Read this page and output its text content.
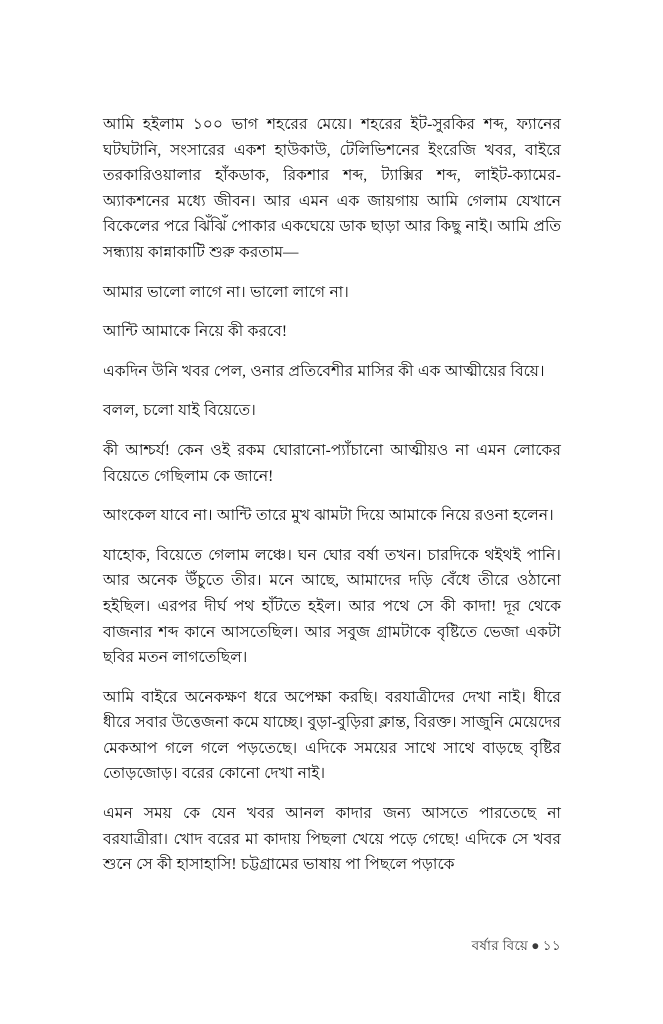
আমি হইলাম ১০০ ভাগ শহরের মেয়ে। শহরের ইট-সুরকির শব্দ, ফ্যানের ঘটঘটানি, সংসারের একশ হাউকাউ, টেলিভিশনের ইংরেজি খবর, বাইরে তরকারিওয়ালার হাঁকডাক, রিকশার শব্দ, ট্যাক্সির শব্দ, লাইট-ক্যামের-অ্যাকশনের মধ্যে জীবন। আর এমন এক জায়গায় আমি গেলাম যেখানে বিকেলের পরে ঝিঁঝিঁ পোকার একঘেয়ে ডাক ছাড়া আর কিছু নাই। আমি প্রতি সন্ধ্যায় কান্নাকাটি শুরু করতাম—

আমার ভালো লাগে না। ভালো লাগে না।

আন্টি আমাকে নিয়ে কী করবে!

একদিন উনি খবর পেল, ওনার প্রতিবেশীর মাসির কী এক আত্মীয়ের বিয়ে।

বলল, চলো যাই বিয়েতে।

কী আশ্চর্য! কেন ওই রকম ঘোরানো-প্যাঁচানো আত্মীয়ও না এমন লোকের বিয়েতে গেছিলাম কে জানে!

আংকেল যাবে না। আন্টি তারে মুখ ঝামটা দিয়ে আমাকে নিয়ে রওনা হলেন।

যাহোক, বিয়েতে গেলাম লঞ্চে। ঘন ঘোর বর্ষা তখন। চারদিকে থইথই পানি। আর অনেক উঁচুতে তীর। মনে আছে, আমাদের দড়ি বেঁধে তীরে ওঠানো হইছিল। এরপর দীর্ঘ পথ হাঁটতে হইল। আর পথে সে কী কাদা! দূর থেকে বাজনার শব্দ কানে আসতেছিল। আর সবুজ গ্রামটাকে বৃষ্টিতে ভেজা একটা ছবির মতন লাগতেছিল।

আমি বাইরে অনেকক্ষণ ধরে অপেক্ষা করছি। বরযাত্রীদের দেখা নাই। ধীরে ধীরে সবার উত্তেজনা কমে যাচ্ছে। বুড়া-বুড়িরা ক্লান্ত, বিরক্ত। সাজুনি মেয়েদের মেকআপ গলে গলে পড়তেছে। এদিকে সময়ের সাথে সাথে বাড়ছে বৃষ্টির তোড়জোড়। বরের কোনো দেখা নাই।

এমন সময় কে যেন খবর আনল কাদার জন্য আসতে পারতেছে না বরযাত্রীরা। খোদ বরের মা কাদায় পিছলা খেয়ে পড়ে গেছে! এদিকে সে খবর শুনে সে কী হাসাহাসি! চট্টগ্রামের ভাষায় পা পিছলে পড়াকে

বর্ষার বিয়ে ● ১১
